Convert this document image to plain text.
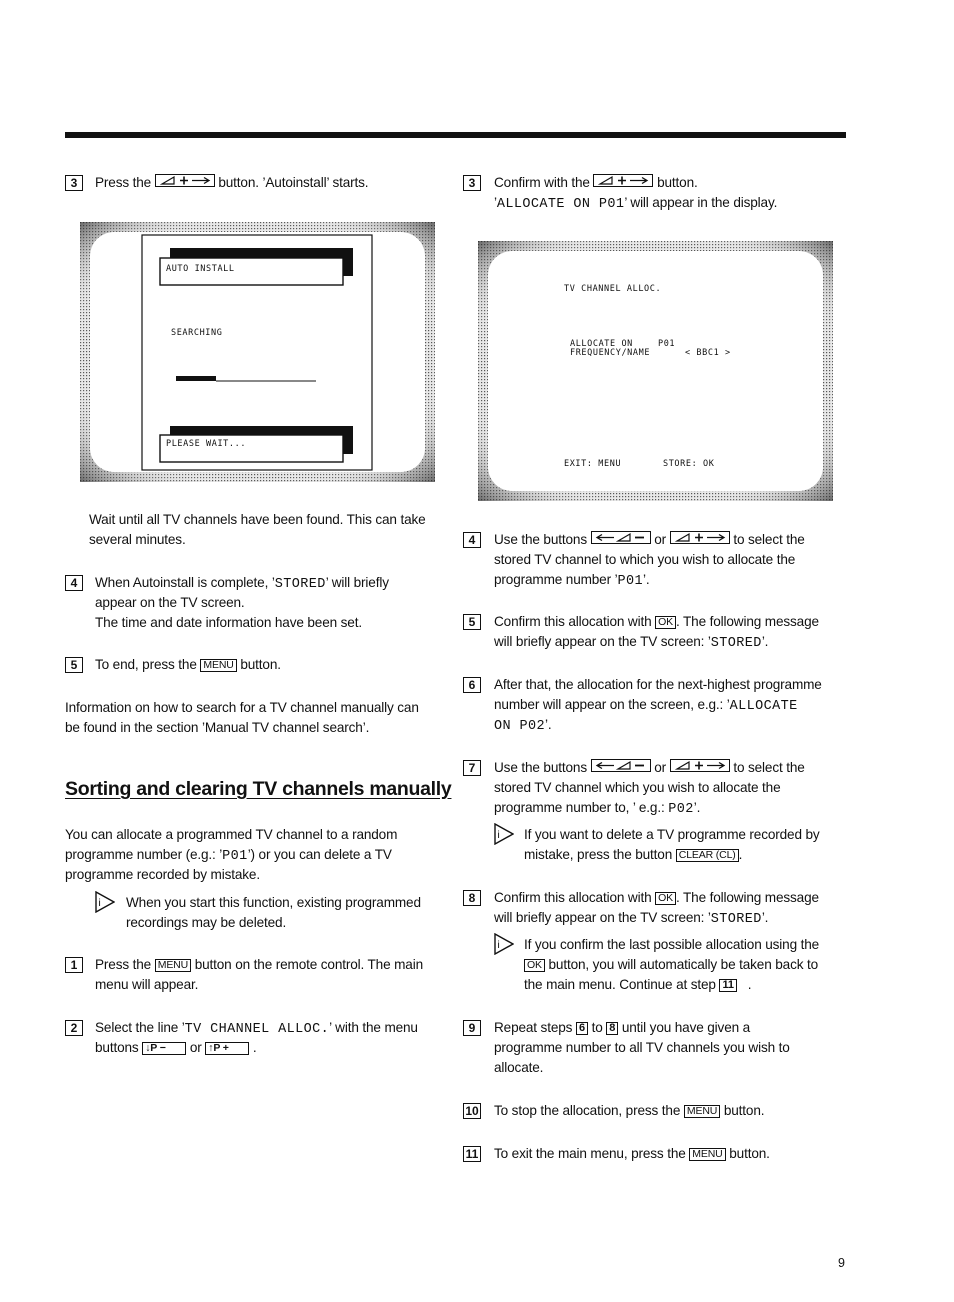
3	Press the	button. ’Autoinstall’ starts.
AUTO INSTALL
SEARCHING
PLEASE WAIT...
Wait until all TV channels have been found. This can take
several minutes.
4	When Autoinstall is complete, ’STORED’ will briefly
appear on the TV screen.
The time and date information have been set.
5	To end, press the MENU button.
Information on how to search for a TV channel manually can
be found in the section ’Manual TV channel search’.
Sorting and clearing TV channels manually
You can allocate a programmed TV channel to a random
programme number (e.g.: ’P01’) or you can delete a TV
programme recorded by mistake.
i When you start this function, existing programmed
recordings may be deleted.
1	Press the MENU button on the remote control. The main
menu will appear.
2	Select the line ’TV CHANNEL ALLOC.’ with the menu
buttons ↓P − or ↑P + .
3	Confirm with the	button.
’ALLOCATE ON P01’ will appear in the display.
TV CHANNEL ALLOC.
ALLOCATE ON	P01
FREQUENCY/NAME	< BBC1 >
EXIT: MENU	STORE: OK
4	Use the buttons	or	to select the
stored TV channel to which you wish to allocate the
programme number ’P01’.
5	Confirm this allocation with OK . The following message
will briefly appear on the TV screen: ’STORED’.
6	After that, the allocation for the next-highest programme
number will appear on the screen, e.g.: ’ALLOCATE
ON P02’.
7	Use the buttons	or	to select the
stored TV channel which you wish to allocate the
programme number to, ’ e.g.: P02’.
i If you want to delete a TV programme recorded by
mistake, press the button CLEAR (CL) .
8	Confirm this allocation with OK . The following message
will briefly appear on the TV screen: ’STORED’.
i If you confirm the last possible allocation using the
OK button, you will automatically be taken back to
the main menu. Continue at step 11 .
9	Repeat steps 6 to 8 until you have given a
programme number to all TV channels you wish to
allocate.
10 To stop the allocation, press the MENU button.
11 To exit the main menu, press the MENU button.
9
